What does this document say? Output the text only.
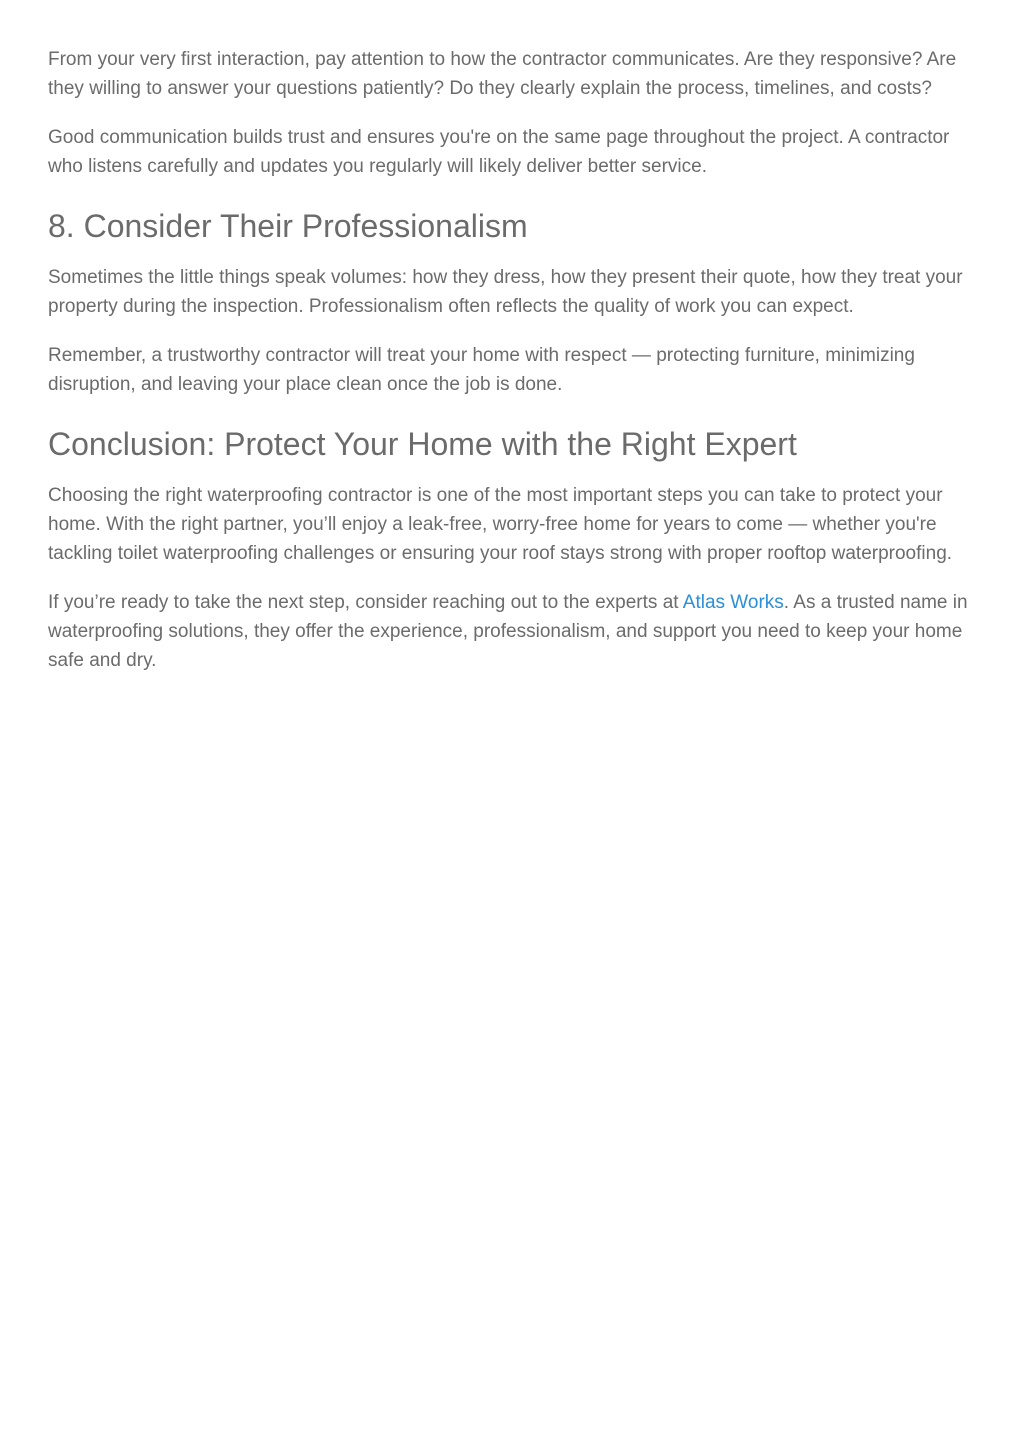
From your very first interaction, pay attention to how the contractor communicates. Are they responsive? Are they willing to answer your questions patiently? Do they clearly explain the process, timelines, and costs?

Good communication builds trust and ensures you're on the same page throughout the project. A contractor who listens carefully and updates you regularly will likely deliver better service.

8. Consider Their Professionalism

Sometimes the little things speak volumes: how they dress, how they present their quote, how they treat your property during the inspection. Professionalism often reflects the quality of work you can expect.

Remember, a trustworthy contractor will treat your home with respect — protecting furniture, minimizing disruption, and leaving your place clean once the job is done.

Conclusion: Protect Your Home with the Right Expert

Choosing the right waterproofing contractor is one of the most important steps you can take to protect your home. With the right partner, you’ll enjoy a leak-free, worry-free home for years to come — whether you're tackling toilet waterproofing challenges or ensuring your roof stays strong with proper rooftop waterproofing.

If you’re ready to take the next step, consider reaching out to the experts at Atlas Works. As a trusted name in waterproofing solutions, they offer the experience, professionalism, and support you need to keep your home safe and dry.
